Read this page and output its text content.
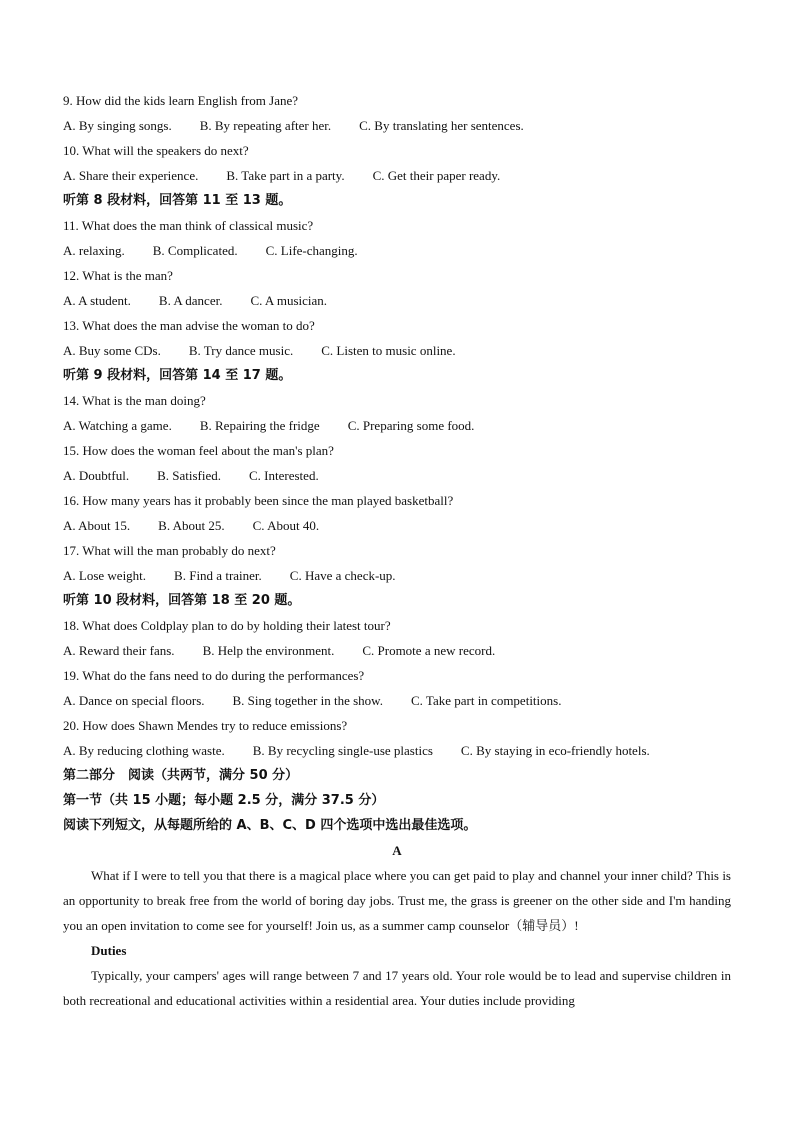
9. How did the kids learn English from Jane?
A. By singing songs. B. By repeating after her. C. By translating her sentences.
10. What will the speakers do next?
A. Share their experience. B. Take part in a party. C. Get their paper ready.
听第 8 段材料，回答第 11 至 13 题。
11. What does the man think of classical music?
A. relaxing. B. Complicated. C. Life-changing.
12. What is the man?
A. A student. B. A dancer. C. A musician.
13. What does the man advise the woman to do?
A. Buy some CDs. B. Try dance music. C. Listen to music online.
听第 9 段材料，回答第 14 至 17 题。
14. What is the man doing?
A. Watching a game. B. Repairing the fridge C. Preparing some food.
15. How does the woman feel about the man's plan?
A. Doubtful. B. Satisfied. C. Interested.
16. How many years has it probably been since the man played basketball?
A. About 15. B. About 25. C. About 40.
17. What will the man probably do next?
A. Lose weight. B. Find a trainer. C. Have a check-up.
听第 10 段材料，回答第 18 至 20 题。
18. What does Coldplay plan to do by holding their latest tour?
A. Reward their fans. B. Help the environment. C. Promote a new record.
19. What do the fans need to do during the performances?
A. Dance on special floors. B. Sing together in the show. C. Take part in competitions.
20. How does Shawn Mendes try to reduce emissions?
A. By reducing clothing waste. B. By recycling single-use plastics C. By staying in eco-friendly hotels.
第二部分　阅读（共两节，满分 50 分）
第一节（共 15 小题；每小题 2.5 分，满分 37.5 分）
阅读下列短文，从每题所给的 A、B、C、D 四个选项中选出最佳选项。
A

What if I were to tell you that there is a magical place where you can get paid to play and channel your inner child? This is an opportunity to break free from the world of boring day jobs. Trust me, the grass is greener on the other side and I'm handing you an open invitation to come see for yourself! Join us, as a summer camp counselor（辅导员）!

Duties

Typically, your campers' ages will range between 7 and 17 years old. Your role would be to lead and supervise children in both recreational and educational activities within a residential area. Your duties include providing
